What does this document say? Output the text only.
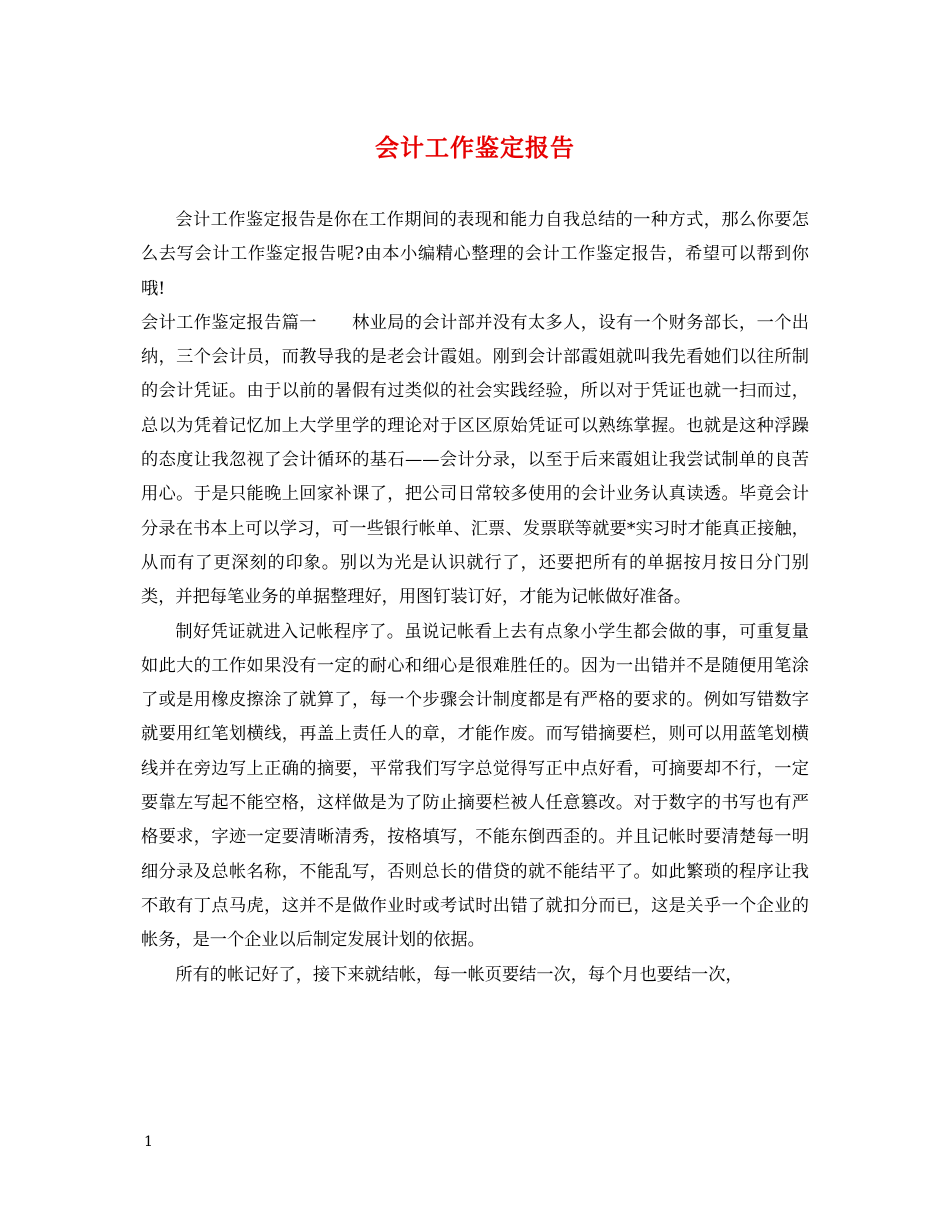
会计工作鉴定报告

会计工作鉴定报告是你在工作期间的表现和能力自我总结的一种方式，那么你要怎么去写会计工作鉴定报告呢?由本小编精心整理的会计工作鉴定报告，希望可以帮到你哦!

会计工作鉴定报告篇一　　林业局的会计部并没有太多人，设有一个财务部长，一个出纳，三个会计员，而教导我的是老会计霞姐。刚到会计部霞姐就叫我先看她们以往所制的会计凭证。由于以前的暑假有过类似的社会实践经验，所以对于凭证也就一扫而过，总以为凭着记忆加上大学里学的理论对于区区原始凭证可以熟练掌握。也就是这种浮躁的态度让我忽视了会计循环的基石——会计分录，以至于后来霞姐让我尝试制单的良苦用心。于是只能晚上回家补课了，把公司日常较多使用的会计业务认真读透。毕竟会计分录在书本上可以学习，可一些银行帐单、汇票、发票联等就要*实习时才能真正接触，从而有了更深刻的印象。别以为光是认识就行了，还要把所有的单据按月按日分门别类，并把每笔业务的单据整理好，用图钉装订好，才能为记帐做好准备。

制好凭证就进入记帐程序了。虽说记帐看上去有点象小学生都会做的事，可重复量如此大的工作如果没有一定的耐心和细心是很难胜任的。因为一出错并不是随便用笔涂了或是用橡皮擦涂了就算了，每一个步骤会计制度都是有严格的要求的。例如写错数字就要用红笔划横线，再盖上责任人的章，才能作废。而写错摘要栏，则可以用蓝笔划横线并在旁边写上正确的摘要，平常我们写字总觉得写正中点好看，可摘要却不行，一定要靠左写起不能空格，这样做是为了防止摘要栏被人任意篡改。对于数字的书写也有严格要求，字迹一定要清晰清秀，按格填写，不能东倒西歪的。并且记帐时要清楚每一明细分录及总帐名称，不能乱写，否则总长的借贷的就不能结平了。如此繁琐的程序让我不敢有丁点马虎，这并不是做作业时或考试时出错了就扣分而已，这是关乎一个企业的帐务，是一个企业以后制定发展计划的依据。

所有的帐记好了，接下来就结帐，每一帐页要结一次，每个月也要结一次，

1
